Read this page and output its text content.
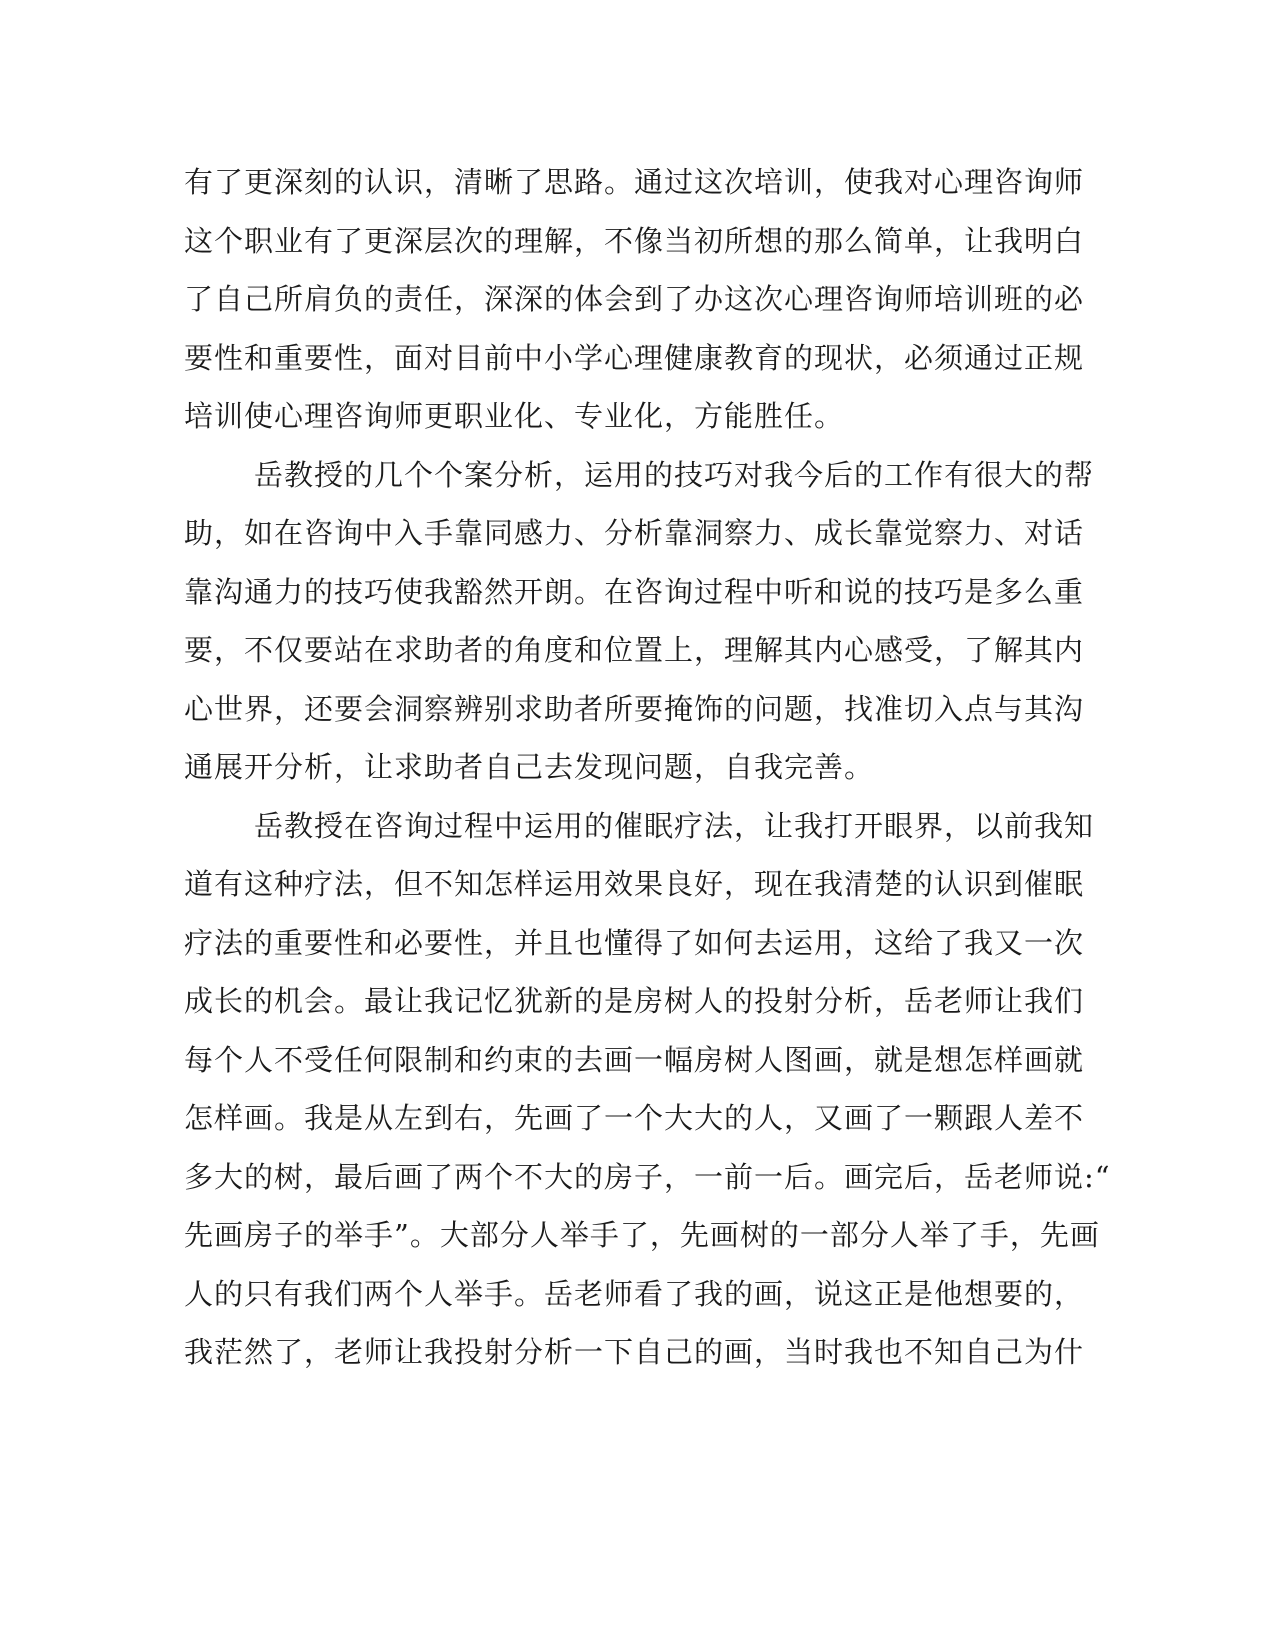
有了更深刻的认识，清晰了思路。通过这次培训，使我对心理咨询师
这个职业有了更深层次的理解，不像当初所想的那么简单，让我明白
了自己所肩负的责任，深深的体会到了办这次心理咨询师培训班的必
要性和重要性，面对目前中小学心理健康教育的现状，必须通过正规
培训使心理咨询师更职业化、专业化，方能胜任。
岳教授的几个个案分析，运用的技巧对我今后的工作有很大的帮
助，如在咨询中入手靠同感力、分析靠洞察力、成长靠觉察力、对话
靠沟通力的技巧使我豁然开朗。在咨询过程中听和说的技巧是多么重
要，不仅要站在求助者的角度和位置上，理解其内心感受，了解其内
心世界，还要会洞察辨别求助者所要掩饰的问题，找准切入点与其沟
通展开分析，让求助者自己去发现问题，自我完善。
岳教授在咨询过程中运用的催眠疗法，让我打开眼界，以前我知
道有这种疗法，但不知怎样运用效果良好，现在我清楚的认识到催眠
疗法的重要性和必要性，并且也懂得了如何去运用，这给了我又一次
成长的机会。最让我记忆犹新的是房树人的投射分析，岳老师让我们
每个人不受任何限制和约束的去画一幅房树人图画，就是想怎样画就
怎样画。我是从左到右，先画了一个大大的人，又画了一颗跟人差不
多大的树，最后画了两个不大的房子，一前一后。画完后，岳老师说:“
先画房子的举手”。大部分人举手了，先画树的一部分人举了手，先画
人的只有我们两个人举手。岳老师看了我的画，说这正是他想要的，
我茫然了，老师让我投射分析一下自己的画，当时我也不知自己为什
